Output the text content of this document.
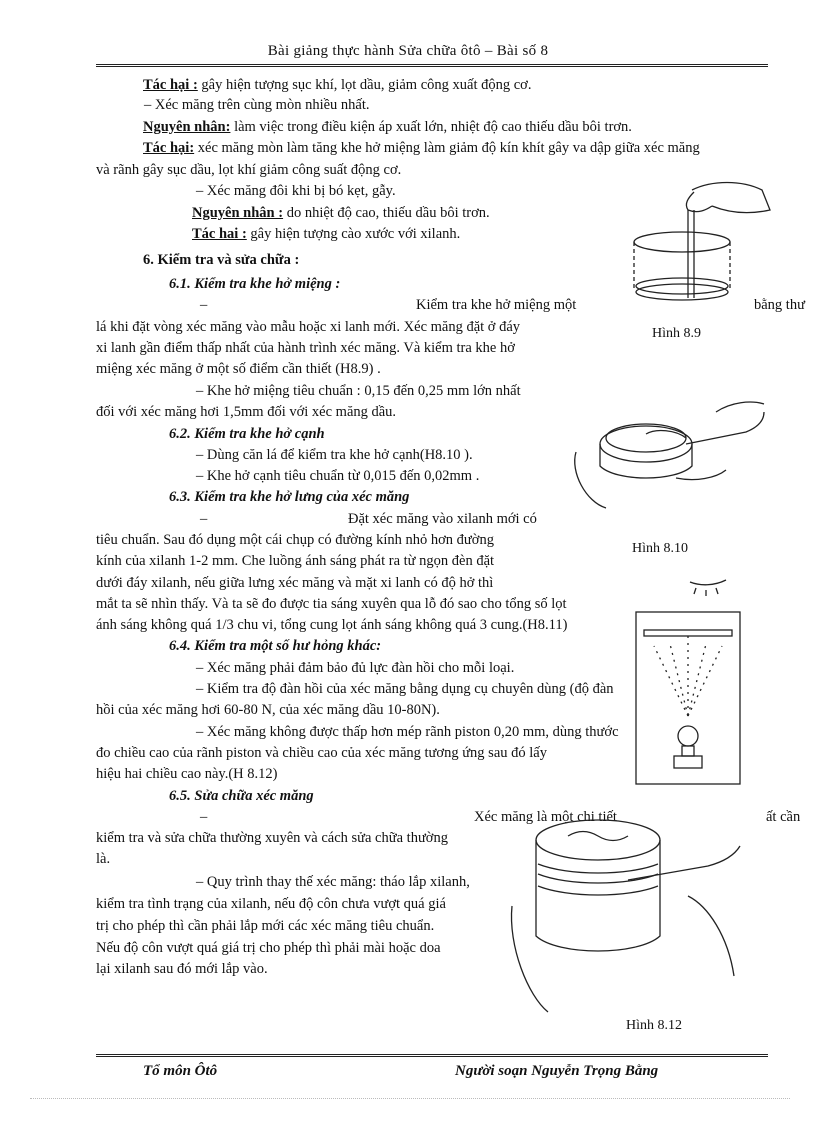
Bài giảng thực hành Sửa chữa ôtô – Bài số 8
Tác hại : gây hiện tượng sục khí, lọt dầu, giảm công xuất động cơ.
– Xéc măng trên cùng mòn nhiều nhất.
Nguyên nhân: làm việc trong điều kiện áp xuất lớn, nhiệt độ cao thiếu dầu bôi trơn.
Tác hại: xéc măng mòn làm tăng khe hở miệng làm giảm độ kín khít gây va dập giữa xéc măng
và rãnh gây sục dầu, lọt khí giảm công suất động cơ.
– Xéc măng đôi khi bị bó kẹt, gẫy.
Nguyên nhân : do nhiệt độ cao, thiếu dầu bôi trơn.
Tác hai : gây hiện tượng cào xước với xilanh.
6. Kiểm tra và sửa chữa :
6.1. Kiểm tra khe hở miệng :
–	Kiểm tra khe hở miệng một	bằng thư
lá khi đặt vòng xéc măng vào mẫu hoặc xi lanh mới. Xéc măng đặt ở đáy
xi lanh gần điểm thấp nhất của hành trình xéc măng. Và kiểm tra khe hở
miệng xéc măng ở một số điểm cần thiết (H8.9) .
– Khe hở miệng tiêu chuẩn : 0,15 đến 0,25 mm lớn nhất
đối với xéc măng hơi 1,5mm đối với xéc măng dầu.
6.2. Kiểm tra khe hở cạnh
– Dùng căn lá để kiểm tra khe hở cạnh(H8.10 ).
– Khe hở cạnh tiêu chuẩn từ 0,015 đến 0,02mm .
6.3. Kiểm tra khe hở lưng của xéc măng
–	Đặt xéc măng vào xilanh mới có
tiêu chuẩn. Sau đó dụng một cái chụp có đường kính nhỏ hơn đường
kính của xilanh 1-2 mm. Che luồng ánh sáng phát ra từ ngọn đèn đặt
dưới đáy xilanh, nếu giữa lưng xéc măng và mặt xi lanh có độ hở thì
mắt ta sẽ nhìn thấy. Và ta sẽ đo được tia sáng xuyên qua lỗ đó sao cho tổng số lọt
ánh sáng không quá 1/3 chu vi, tổng cung lọt ánh sáng không quá 3 cung.(H8.11)
6.4. Kiểm tra một số hư hỏng khác:
– Xéc măng phải đảm bảo đủ lực đàn hồi cho mỗi loại.
– Kiểm tra độ đàn hồi của xéc măng bằng dụng cụ chuyên dùng (độ đàn
hồi của xéc măng hơi 60-80 N, của xéc măng dầu 10-80N).
– Xéc măng không được thấp hơn mép rãnh piston 0,20 mm, dùng thước
đo chiều cao của rãnh piston và chiều cao của xéc măng tương ứng sau đó lấy
hiệu hai chiều cao này.(H 8.12)
6.5. Sửa chữa xéc măng
–	Xéc măng là một chi tiết	ất cần
kiểm tra và sửa chữa thường xuyên và cách sửa chữa thường
là.
– Quy trình thay thế xéc măng: tháo lắp xilanh,
kiểm tra tình trạng của xilanh, nếu độ côn chưa vượt quá giá
trị cho phép thì cần phải lắp mới các xéc măng tiêu chuẩn.
Nếu độ côn vượt quá giá trị cho phép thì phải mài hoặc doa
lại xilanh sau đó mới lắp vào.
Hình 8.9
Hình 8.10
Hình 8.12
Tổ môn Ôtô	Người soạn Nguyễn Trọng Bằng
